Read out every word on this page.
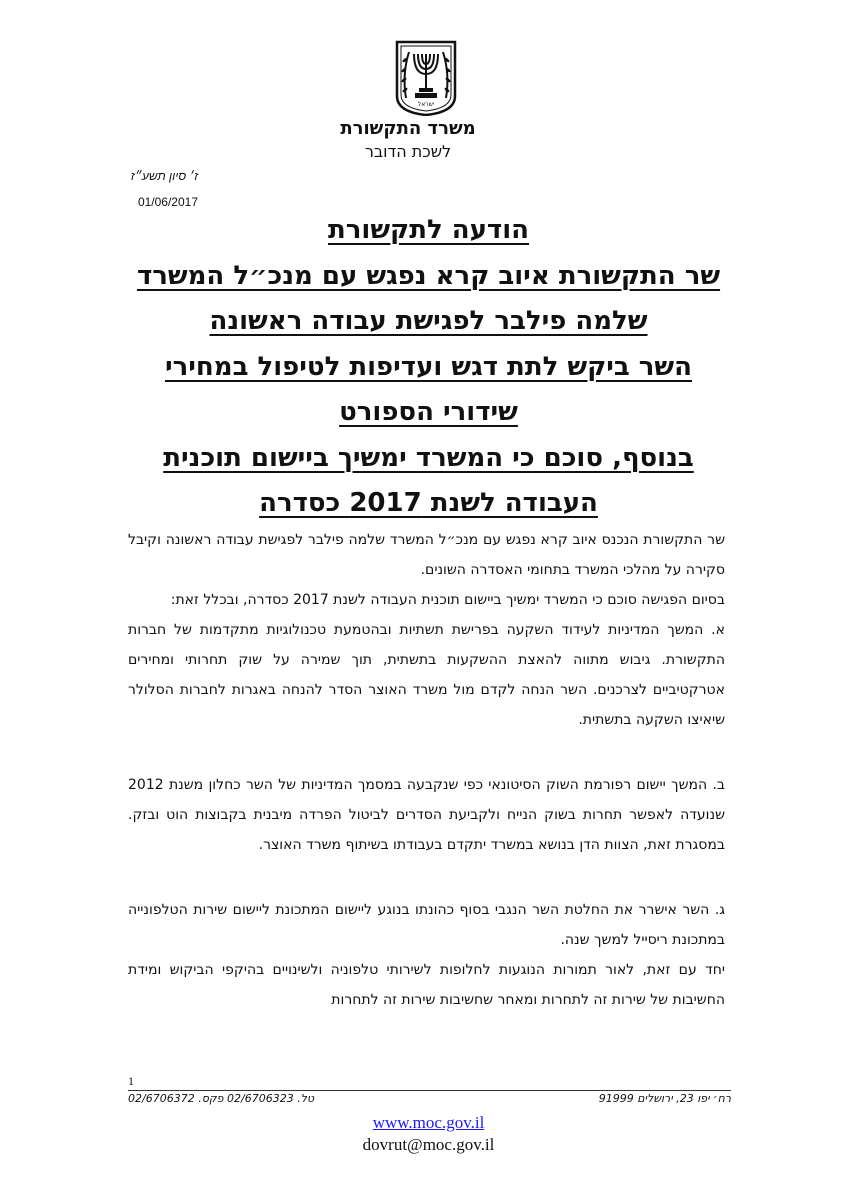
ישראל
משרד התקשורת
לשכת הדובר
ז׳ סיון תשע״ז
01/06/2017
הודעה לתקשורת
שר התקשורת איוב קרא נפגש עם מנכ״ל המשרד
שלמה פילבר לפגישת עבודה ראשונה
השר ביקש לתת דגש ועדיפות לטיפול במחירי
שידורי הספורט
בנוסף, סוכם כי המשרד ימשיך ביישום תוכנית
העבודה לשנת 2017 כסדרה

שר התקשורת הנכנס איוב קרא נפגש עם מנכ״ל המשרד שלמה פילבר לפגישת עבודה ראשונה וקיבל סקירה על מהלכי המשרד בתחומי האסדרה השונים.

בסיום הפגישה סוכם כי המשרד ימשיך ביישום תוכנית העבודה לשנת 2017 כסדרה, ובכלל זאת:

א. המשך המדיניות לעידוד השקעה בפרישת תשתיות ובהטמעת טכנולוגיות מתקדמות של חברות התקשורת. גיבוש מתווה להאצת ההשקעות בתשתית, תוך שמירה על שוק תחרותי ומחירים אטרקטיביים לצרכנים. השר הנחה לקדם מול משרד האוצר הסדר להנחה באגרות לחברות הסלולר שיאיצו השקעה בתשתית.

ב. המשך יישום רפורמת השוק הסיטונאי כפי שנקבעה במסמך המדיניות של השר כחלון משנת 2012 שנועדה לאפשר תחרות בשוק הנייח ולקביעת הסדרים לביטול הפרדה מיבנית בקבוצות הוט ובזק. במסגרת זאת, הצוות הדן בנושא במשרד יתקדם בעבודתו בשיתוף משרד האוצר.

ג. השר אישרר את החלטת השר הנגבי בסוף כהונתו בנוגע ליישום המתכונת ליישום שירות הטלפונייה במתכונת ריסייל למשך שנה.

יחד עם זאת, לאור תמורות הנוגעות לחלופות לשירותי טלפוניה ולשינויים בהיקפי הביקוש ומידת החשיבות של שירות זה לתחרות ומאחר שחשיבות שירות זה לתחרות

1
רח׳ יפו 23, ירושלים 91999
טל. 02/6706323 פקס. 02/6706372
www.moc.gov.il
dovrut@moc.gov.il
